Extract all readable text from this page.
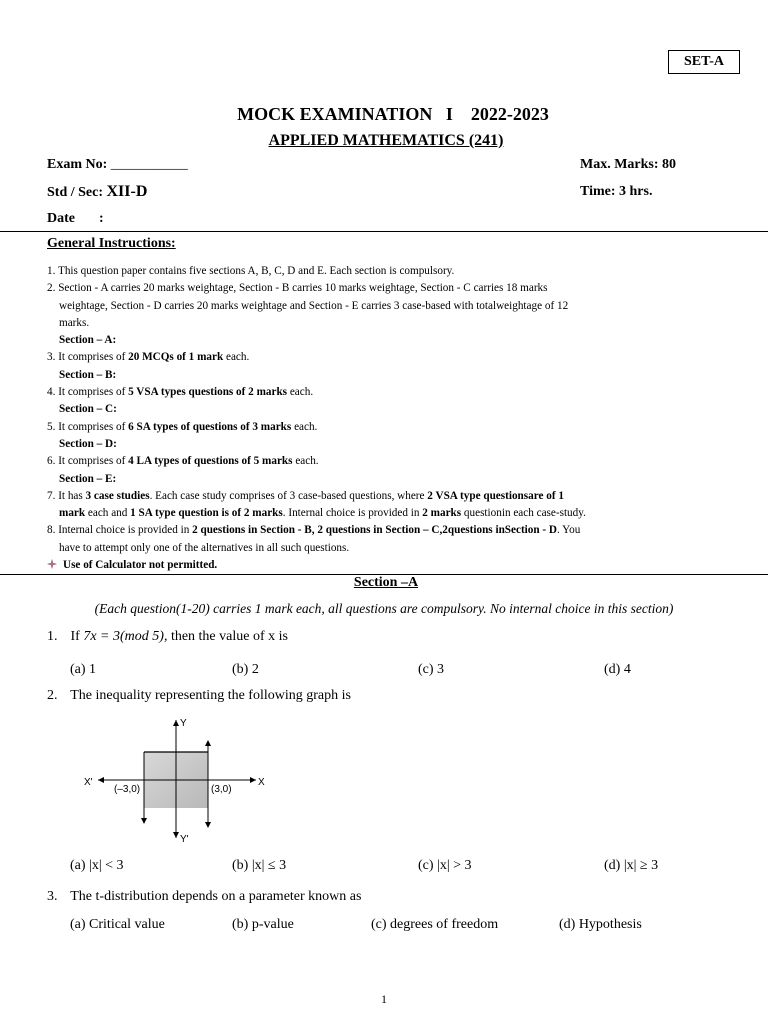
SET-A
MOCK EXAMINATION   I    2022-2023
APPLIED MATHEMATICS (241)
Exam No: ___________	Max. Marks: 80
Std / Sec: XII-D	Time: 3 hrs.
Date :
General Instructions:
1. This question paper contains five sections A, B, C, D and E. Each section is compulsory.
2. Section - A carries 20 marks weightage, Section - B carries 10 marks weightage, Section - C carries 18 marks
weightage, Section - D carries 20 marks weightage and Section - E carries 3 case-based with totalweightage of 12
marks.
Section – A:
3. It comprises of 20 MCQs of 1 mark each.
Section – B:
4. It comprises of 5 VSA types questions of 2 marks each.
Section – C:
5. It comprises of 6 SA types of questions of 3 marks each.
Section – D:
6. It comprises of 4 LA types of questions of 5 marks each.
Section – E:
7. It has 3 case studies. Each case study comprises of 3 case-based questions, where 2 VSA type questionsare of 1
mark each and 1 SA type question is of 2 marks. Internal choice is provided in 2 marks questionin each case-study.
8. Internal choice is provided in 2 questions in Section - B, 2 questions in Section – C,2questions inSection - D. You
have to attempt only one of the alternatives in all such questions.
Use of Calculator not permitted.
Section –A
(Each question(1-20) carries 1 mark each, all questions are compulsory. No internal choice in this section)
1. If 7x = 3(mod 5), then the value of x is
(a) 1	(b) 2	(c) 3	(d) 4
2. The inequality representing the following graph is
Y
Y'
X
X'
(–3,0)	(3,0)
(a) |x| < 3	(b) |x| ≤ 3	(c) |x| > 3	(d) |x| ≥ 3
3. The t-distribution depends on a parameter known as
(a) Critical value	(b) p-value	(c) degrees of freedom	(d) Hypothesis
1
